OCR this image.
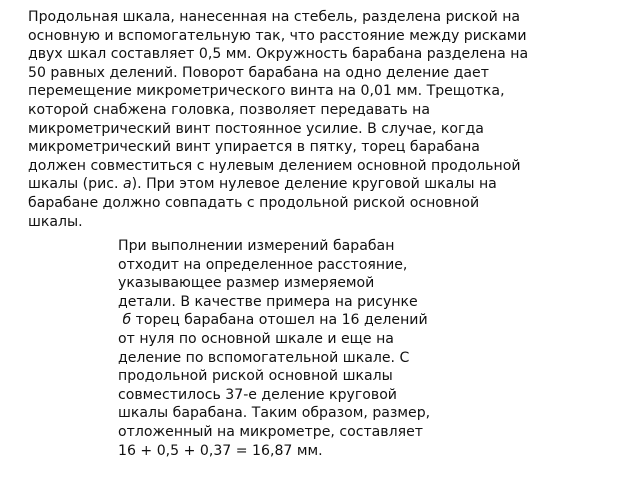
Продольная шкала, нанесенная на стебель, разделена риской на
основную и вспомогательную так, что расстояние между рисками
двух шкал составляет 0,5 мм. Окружность барабана разделена на
50 равных делений. Поворот барабана на одно деление дает
перемещение микрометрического винта на 0,01 мм. Трещотка,
которой снабжена головка, позволяет передавать на
микрометрический винт постоянное усилие. В случае, когда
микрометрический винт упирается в пятку, торец барабана
должен совместиться с нулевым делением основной продольной
шкалы (рис. а). При этом нулевое деление круговой шкалы на
барабане должно совпадать с продольной риской основной
шкалы.
При выполнении измерений барабан
отходит на определенное расстояние,
указывающее размер измеряемой
детали. В качестве примера на рисунке
б торец барабана отошел на 16 делений
от нуля по основной шкале и еще на
деление по вспомогательной шкале. С
продольной риской основной шкалы
совместилось 37-е деление круговой
шкалы барабана. Таким образом, размер,
отложенный на микрометре, составляет
16 + 0,5 + 0,37 = 16,87 мм.
